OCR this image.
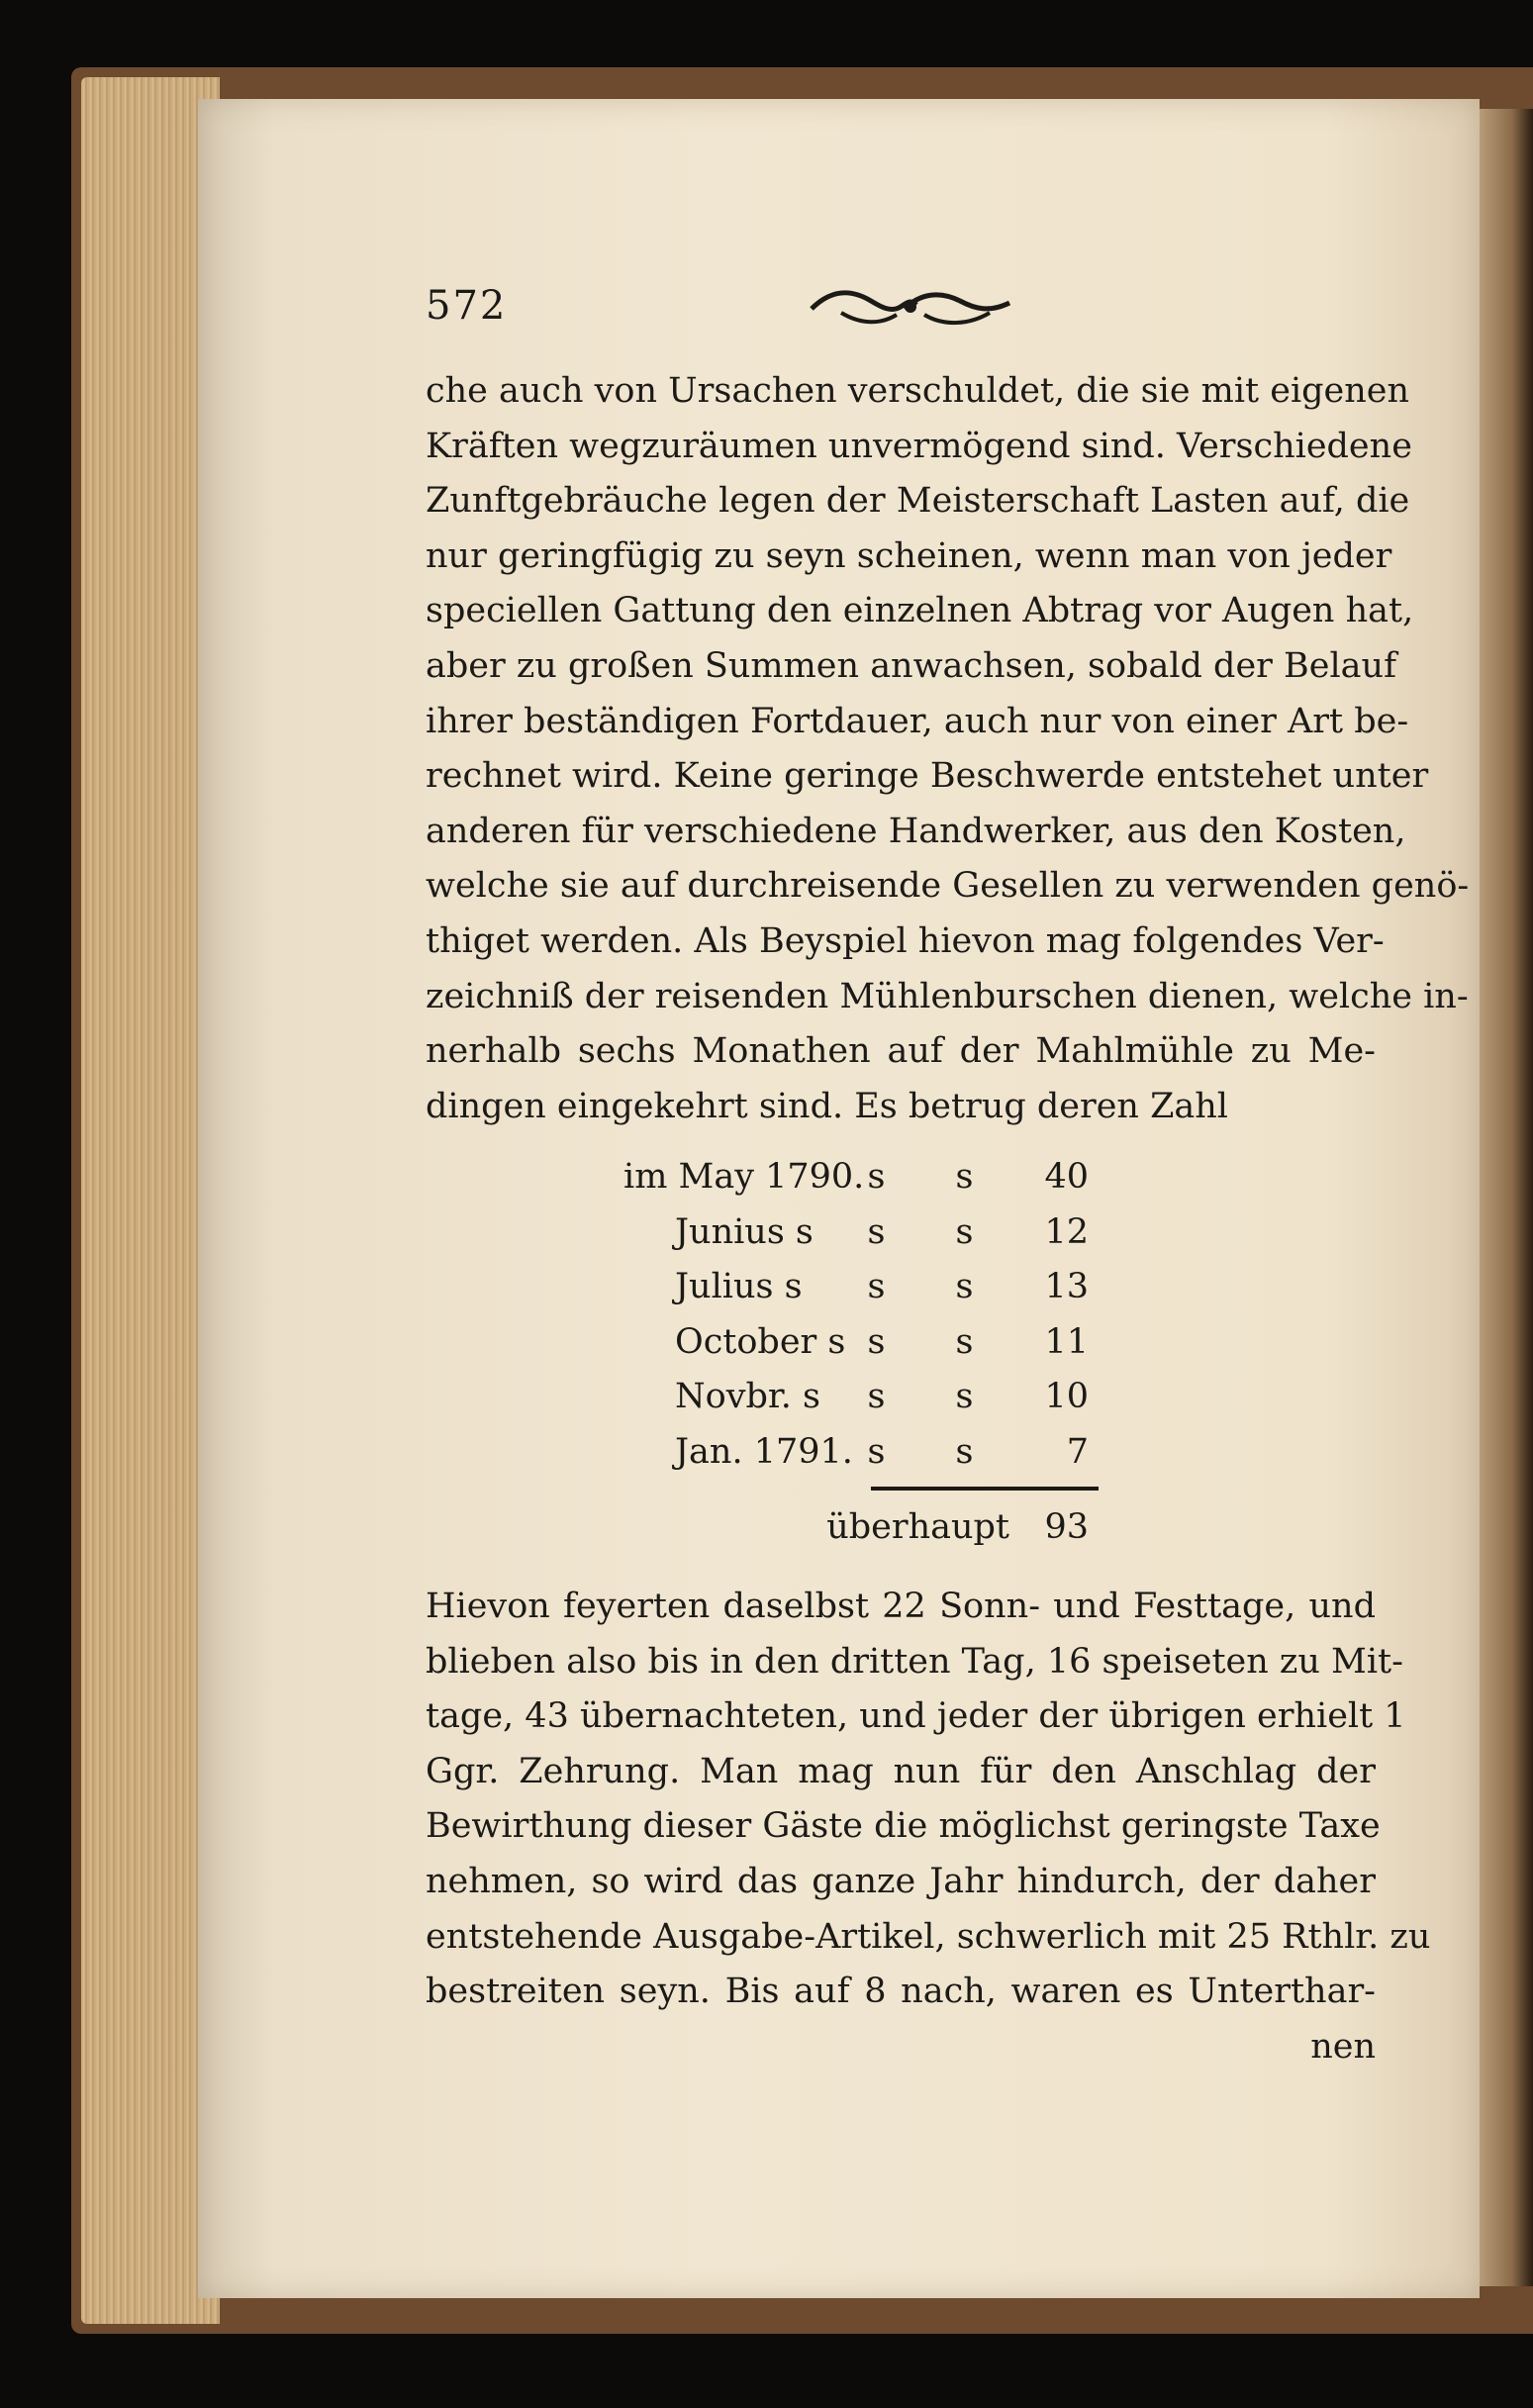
572
che auch von Ursachen verschuldet, die sie mit eigenen
Kräften wegzuräumen unvermögend sind. Verschiedene
Zunftgebräuche legen der Meisterschaft Lasten auf, die
nur geringfügig zu seyn scheinen, wenn man von jeder
speciellen Gattung den einzelnen Abtrag vor Augen hat,
aber zu großen Summen anwachsen, sobald der Belauf
ihrer beständigen Fortdauer, auch nur von einer Art be-
rechnet wird. Keine geringe Beschwerde entstehet unter
anderen für verschiedene Handwerker, aus den Kosten,
welche sie auf durchreisende Gesellen zu verwenden genö-
thiget werden. Als Beyspiel hievon mag folgendes Ver-
zeichniß der reisenden Mühlenburschen dienen, welche in-
nerhalb sechs Monathen auf der Mahlmühle zu Me-
dingen eingekehrt sind. Es betrug deren Zahl
im May 1790. s s	40
Junius s	s s	12
Julius s	s s	13
October s s s	11
Novbr. s	s s	10
Jan. 1791. s s	7
überhaupt	93
Hievon feyerten daselbst 22 Sonn- und Festtage, und
blieben also bis in den dritten Tag, 16 speiseten zu Mit-
tage, 43 übernachteten, und jeder der übrigen erhielt 1
Ggr. Zehrung. Man mag nun für den Anschlag der
Bewirthung dieser Gäste die möglichst geringste Taxe
nehmen, so wird das ganze Jahr hindurch, der daher
entstehende Ausgabe-Artikel, schwerlich mit 25 Rthlr. zu
bestreiten seyn. Bis auf 8 nach, waren es Unterthar-
nen
